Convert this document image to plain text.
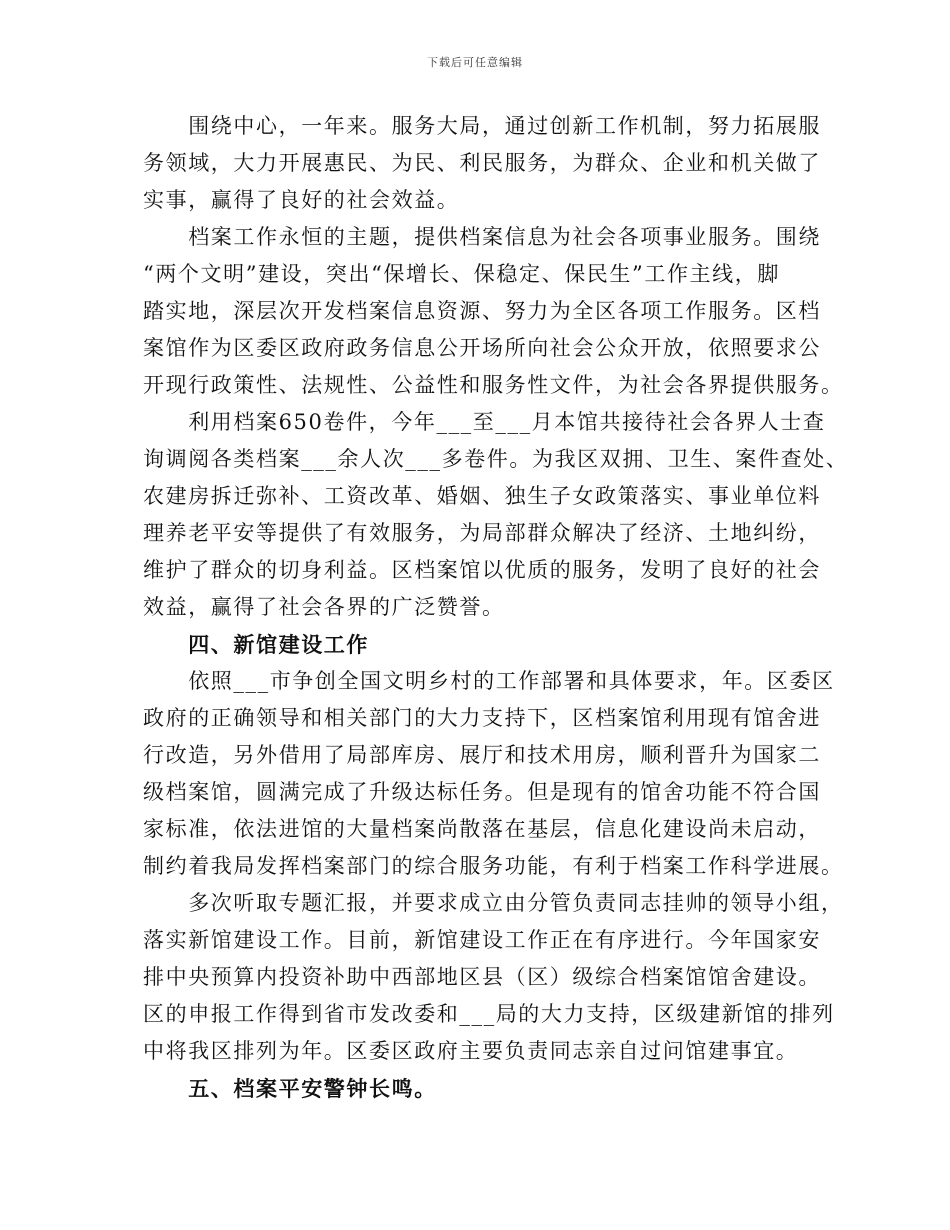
下载后可任意编辑
　　围绕中心，一年来。服务大局，通过创新工作机制，努力拓展服
务领域，大力开展惠民、为民、利民服务，为群众、企业和机关做了
实事，赢得了良好的社会效益。
　　档案工作永恒的主题，提供档案信息为社会各项事业服务。围绕
“两个文明”建设，突出“保增长、保稳定、保民生”工作主线，脚
踏实地，深层次开发档案信息资源、努力为全区各项工作服务。区档
案馆作为区委区政府政务信息公开场所向社会公众开放，依照要求公
开现行政策性、法规性、公益性和服务性文件，为社会各界提供服务。
　　利用档案650卷件，今年___至___月本馆共接待社会各界人士查
询调阅各类档案___余人次___多卷件。为我区双拥、卫生、案件查处、
农建房拆迁弥补、工资改革、婚姻、独生子女政策落实、事业单位料
理养老平安等提供了有效服务，为局部群众解决了经济、土地纠纷，
维护了群众的切身利益。区档案馆以优质的服务，发明了良好的社会
效益，赢得了社会各界的广泛赞誉。
　　四、新馆建设工作
　　依照___市争创全国文明乡村的工作部署和具体要求，年。区委区
政府的正确领导和相关部门的大力支持下，区档案馆利用现有馆舍进
行改造，另外借用了局部库房、展厅和技术用房，顺利晋升为国家二
级档案馆，圆满完成了升级达标任务。但是现有的馆舍功能不符合国
家标准，依法进馆的大量档案尚散落在基层，信息化建设尚未启动，
制约着我局发挥档案部门的综合服务功能，有利于档案工作科学进展。
　　多次听取专题汇报，并要求成立由分管负责同志挂帅的领导小组，
落实新馆建设工作。目前，新馆建设工作正在有序进行。今年国家安
排中央预算内投资补助中西部地区县（区）级综合档案馆馆舍建设。
区的申报工作得到省市发改委和___局的大力支持，区级建新馆的排列
中将我区排列为年。区委区政府主要负责同志亲自过问馆建事宜。
　　五、档案平安警钟长鸣。
